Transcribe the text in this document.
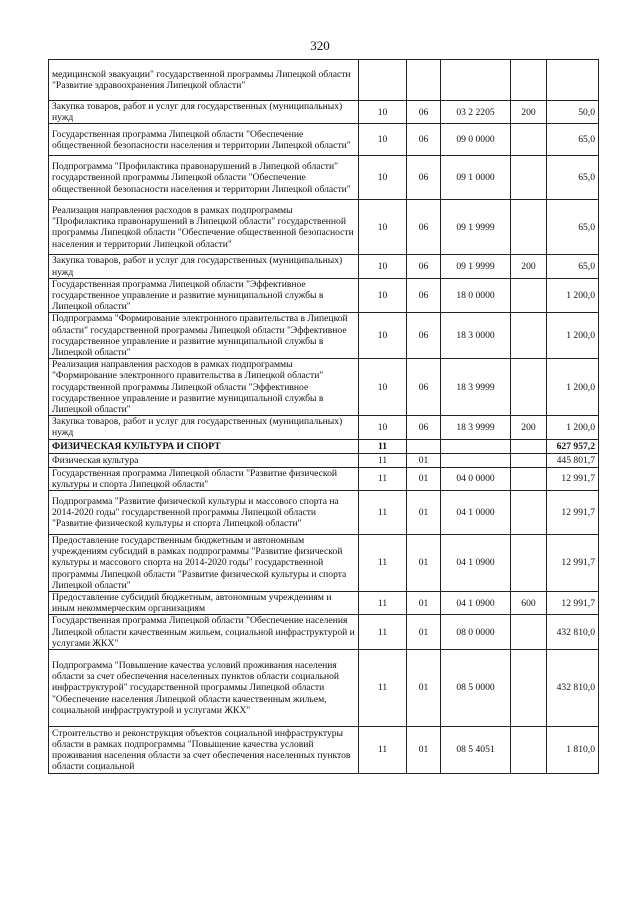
320
медицинской эвакуации" государственной программы Липецкой области "Развитие здравоохранения Липецкой области"					
Закупка товаров, работ и услуг для государственных (муниципальных) нужд	10	06	03 2 2205	200	50,0
Государственная программа Липецкой области "Обеспечение общественной безопасности населения и территории Липецкой области"	10	06	09 0 0000		65,0
Подпрограмма "Профилактика правонарушений в Липецкой области" государственной программы Липецкой области "Обеспечение общественной безопасности населения и территории Липецкой области"	10	06	09 1 0000		65,0
Реализация направления расходов в рамках подпрограммы "Профилактика правонарушений в Липецкой области" государственной программы Липецкой области "Обеспечение общественной безопасности населения и территории Липецкой области"	10	06	09 1 9999		65,0
Закупка товаров, работ и услуг для государственных (муниципальных) нужд	10	06	09 1 9999	200	65,0
Государственная программа Липецкой области "Эффективное государственное управление и развитие муниципальной службы в Липецкой области"	10	06	18 0 0000		1 200,0
Подпрограмма "Формирование электронного правительства в Липецкой области" государственной программы Липецкой области "Эффективное государственное управление и развитие муниципальной службы в Липецкой области"	10	06	18 3 0000		1 200,0
Реализация направления расходов в рамках подпрограммы "Формирование электронного правительства в Липецкой области" государственной программы Липецкой области "Эффективное государственное управление и развитие муниципальной службы в Липецкой области"	10	06	18 3 9999		1 200,0
Закупка товаров, работ и услуг для государственных (муниципальных) нужд	10	06	18 3 9999	200	1 200,0
ФИЗИЧЕСКАЯ КУЛЬТУРА И СПОРТ	11				627 957,2
Физическая культура	11	01			445 801,7
Государственная программа Липецкой области "Развитие физической культуры и спорта Липецкой области"	11	01	04 0 0000		12 991,7
Подпрограмма "Развитие физической культуры и массового спорта на 2014-2020 годы" государственной программы Липецкой области "Развитие физической культуры и спорта Липецкой области"	11	01	04 1 0000		12 991,7
Предоставление государственным бюджетным и автономным учреждениям субсидий в рамках подпрограммы "Развитие физической культуры и массового спорта на 2014-2020 годы" государственной программы Липецкой области "Развитие физической культуры и спорта Липецкой области"	11	01	04 1 0900		12 991,7
Предоставление субсидий бюджетным, автономным учреждениям и иным некоммерческим организациям	11	01	04 1 0900	600	12 991,7
Государственная программа Липецкой области "Обеспечение населения Липецкой области качественным жильем, социальной инфраструктурой и услугами ЖКХ"	11	01	08 0 0000		432 810,0
Подпрограмма "Повышение качества условий проживания населения области за счет обеспечения населенных пунктов области социальной инфраструктурой" государственной программы Липецкой области "Обеспечение населения Липецкой области качественным жильем, социальной инфраструктурой и услугами ЖКХ"	11	01	08 5 0000		432 810,0
Строительство и реконструкция объектов социальной инфраструктуры области в рамках подпрограммы "Повышение качества условий проживания населения области за счет обеспечения населенных пунктов области социальной	11	01	08 5 4051		1 810,0
